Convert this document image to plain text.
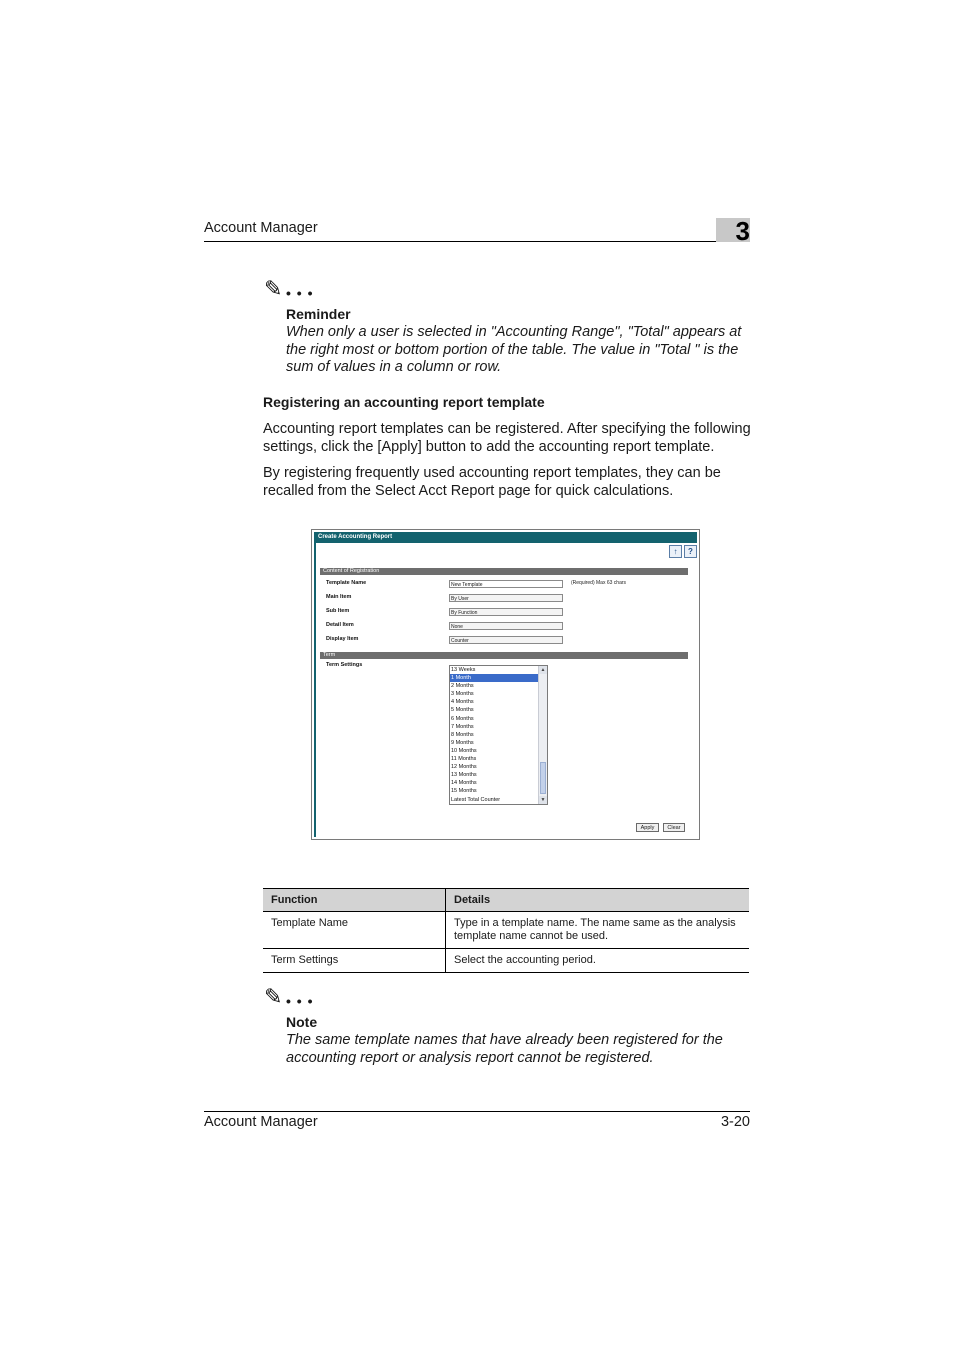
Account Manager	3
✎ • • •
Reminder
When only a user is selected in "Accounting Range", "Total" appears at the right most or bottom portion of the table. The value in "Total " is the sum of values in a column or row.
Registering an accounting report template
Accounting report templates can be registered. After specifying the following settings, click the [Apply] button to add the accounting report template.
By registering frequently used accounting report templates, they can be recalled from the Select Acct Report page for quick calculations.
Create Accounting Report
↑	?
Content of Registration
Template Name	New Template	(Required) Max 63 chars
Main Item	By User
Sub Item	By Function
Detail Item	None
Display Item	Counter
Term
Term Settings
13 Weeks
1 Month
2 Months
3 Months
4 Months
5 Months
6 Months
7 Months
8 Months
9 Months
10 Months
11 Months
12 Months
13 Months
14 Months
15 Months
Latest Total Counter
▲
▼
Apply	Clear
Function	Details
Template Name	Type in a template name. The name same as the analysis template name cannot be used.
Term Settings	Select the accounting period.
✎ • • •
Note
The same template names that have already been registered for the accounting report or analysis report cannot be registered.
Account Manager	3-20
